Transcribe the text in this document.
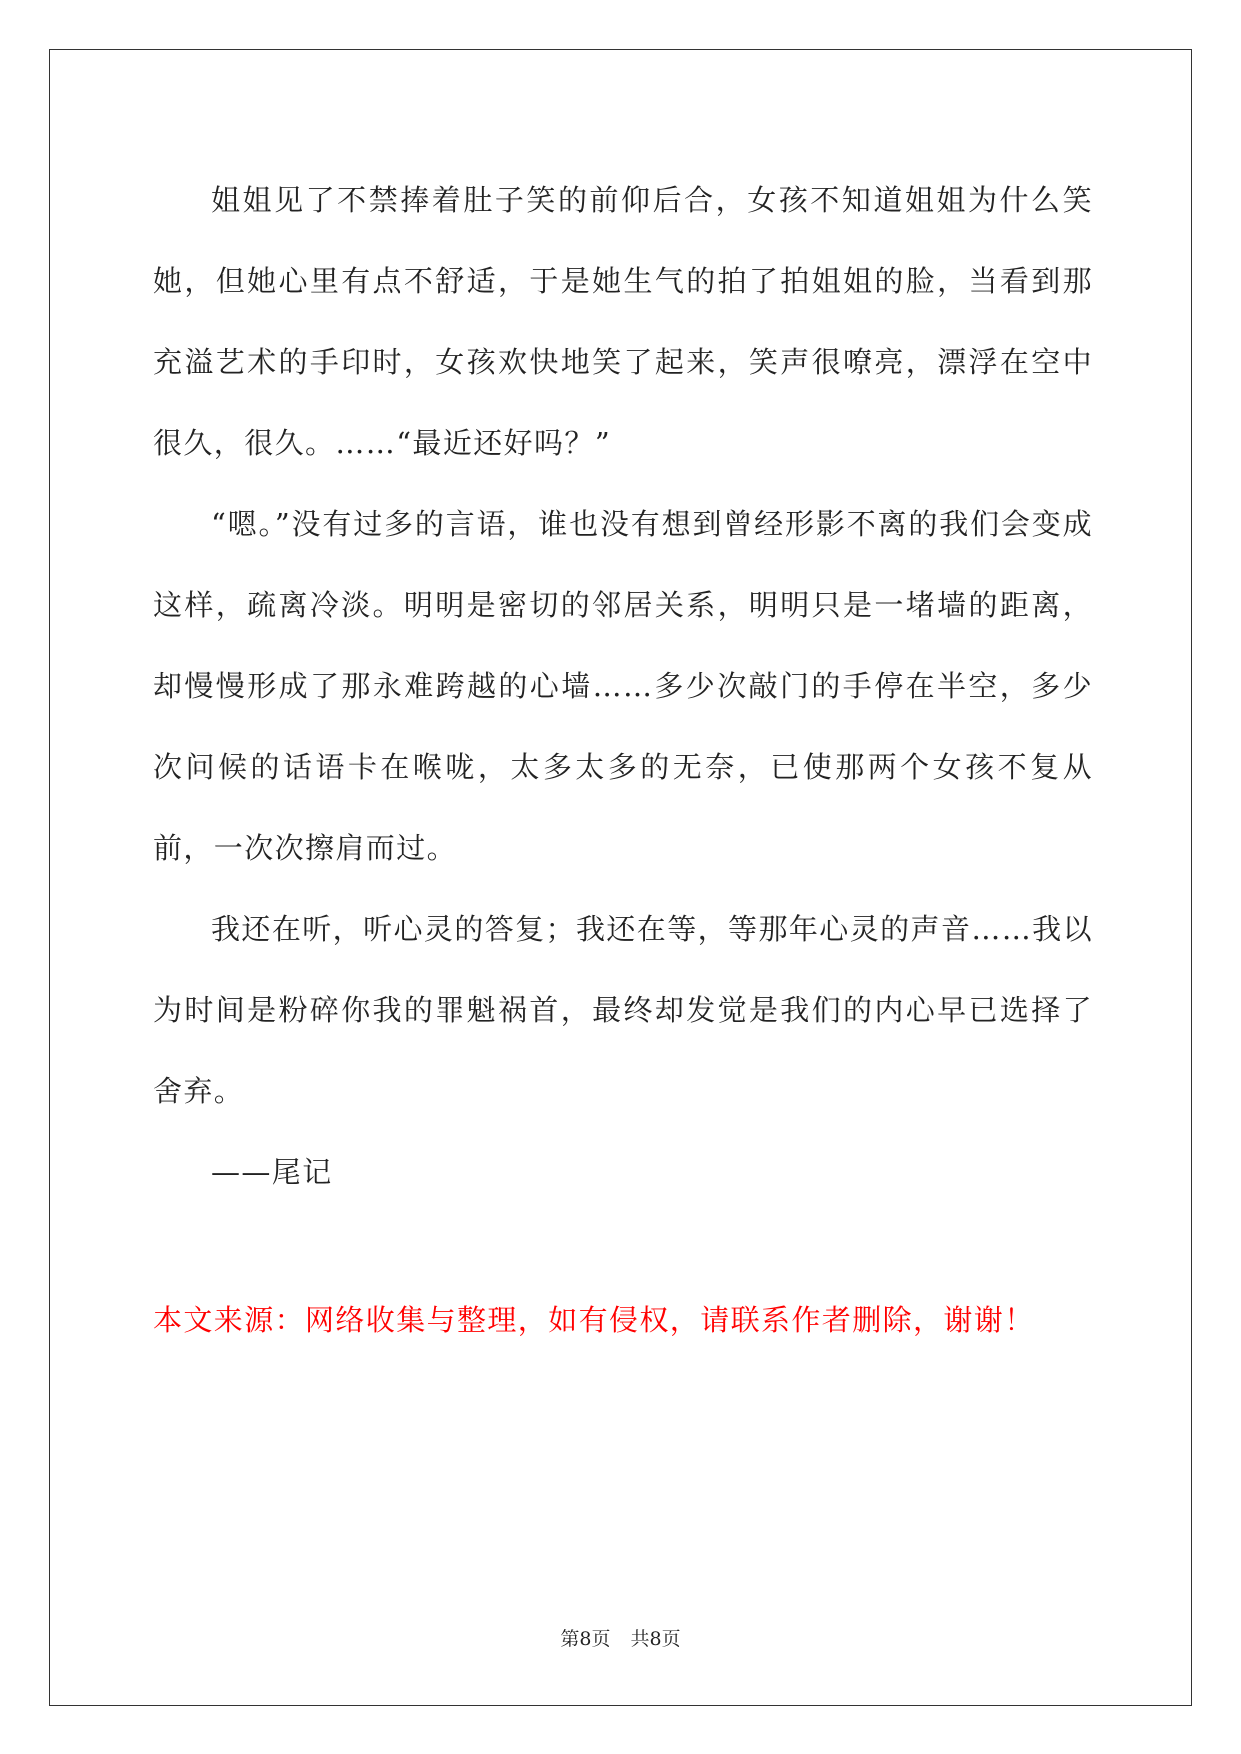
姐姐见了不禁捧着肚子笑的前仰后合，女孩不知道姐姐为什么笑她，但她心里有点不舒适，于是她生气的拍了拍姐姐的脸，当看到那充溢艺术的手印时，女孩欢快地笑了起来，笑声很嘹亮，漂浮在空中很久，很久。……“最近还好吗？”

“嗯。”没有过多的言语，谁也没有想到曾经形影不离的我们会变成这样，疏离冷淡。明明是密切的邻居关系，明明只是一堵墙的距离，却慢慢形成了那永难跨越的心墙……多少次敲门的手停在半空，多少次问候的话语卡在喉咙，太多太多的无奈，已使那两个女孩不复从前，一次次擦肩而过。

我还在听，听心灵的答复；我还在等，等那年心灵的声音……我以为时间是粉碎你我的罪魁祸首，最终却发觉是我们的内心早已选择了舍弃。

——尾记

本文来源：网络收集与整理，如有侵权，请联系作者删除，谢谢！
第8页 共8页
